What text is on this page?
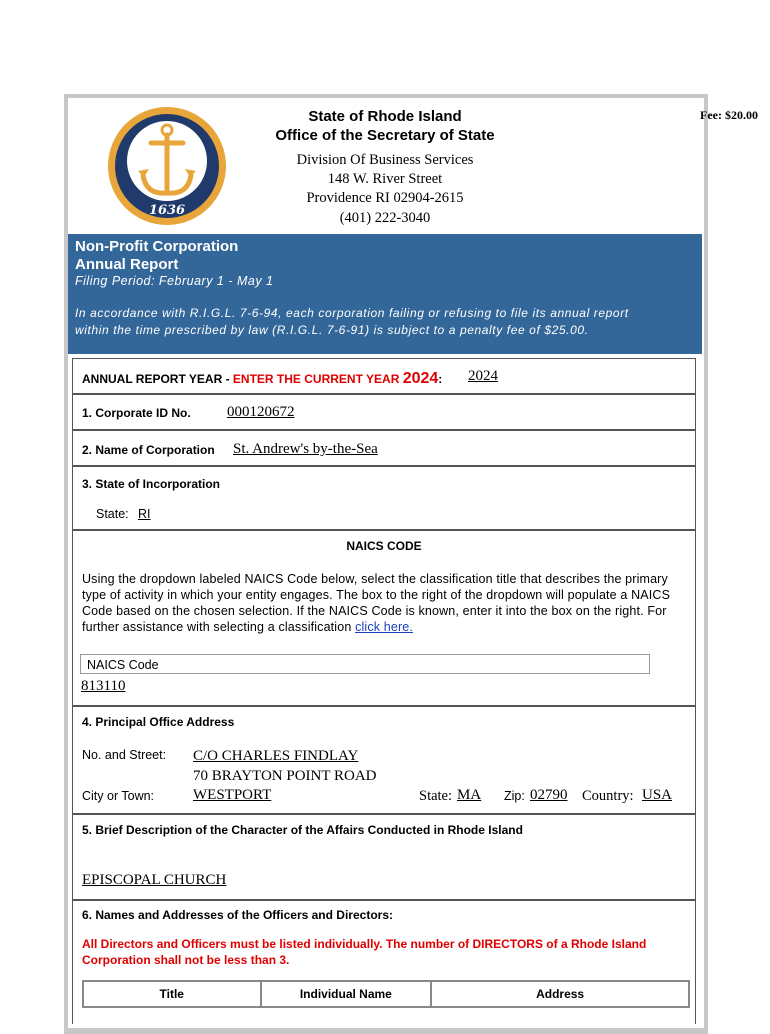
1636
State of Rhode Island
Office of the Secretary of State
Fee: $20.00
Division Of Business Services
148 W. River Street
Providence RI 02904-2615
(401) 222-3040
Non-Profit Corporation
Annual Report
Filing Period: February 1 - May 1
In accordance with R.I.G.L. 7-6-94, each corporation failing or refusing to file its annual report within the time prescribed by law (R.I.G.L. 7-6-91) is subject to a penalty fee of $25.00.
ANNUAL REPORT YEAR - ENTER THE CURRENT YEAR 2024: 2024
1. Corporate ID No. 000120672
2. Name of Corporation St. Andrew's by-the-Sea
3. State of Incorporation
State: RI
NAICS CODE
Using the dropdown labeled NAICS Code below, select the classification title that describes the primary type of activity in which your entity engages. The box to the right of the dropdown will populate a NAICS Code based on the chosen selection. If the NAICS Code is known, enter it into the box on the right. For further assistance with selecting a classification click here.
NAICS Code
813110
4. Principal Office Address
No. and Street: C/O CHARLES FINDLAY
70 BRAYTON POINT ROAD
City or Town:	WESTPORT	State: MA Zip: 02790 Country: USA
5. Brief Description of the Character of the Affairs Conducted in Rhode Island
EPISCOPAL CHURCH
6. Names and Addresses of the Officers and Directors:
All Directors and Officers must be listed individually. The number of DIRECTORS of a Rhode Island Corporation shall not be less than 3.
Title	Individual Name	Address
